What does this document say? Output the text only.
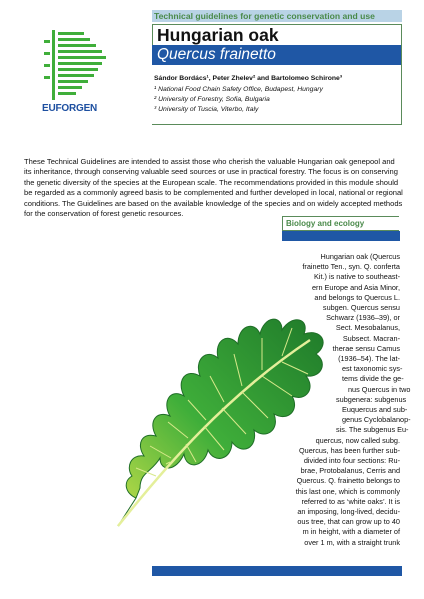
Technical guidelines for genetic conservation and use
EUFORGEN
Hungarian oak
Quercus frainetto
Sándor Bordács¹, Peter Zhelev² and Bartolomeo Schirone³
¹ National Food Chain Safety Office, Budapest, Hungary
² University of Forestry, Sofia, Bulgaria
³ University of Tuscia, Viterbo, Italy

These Technical Guidelines are intended to assist those who cherish the valuable Hungarian oak genepool and its inheritance, through conserving valuable seed sources or use in practical forestry. The focus is on conserving the genetic diversity of the species at the European scale. The recommendations provided in this module should be regarded as a commonly agreed basis to be complemented and further developed in local, national or regional conditions. The Guidelines are based on the available knowledge of the species and on widely accepted methods for the conservation of forest genetic resources.

Biology and ecology
Hungarian oak (Quercus
frainetto Ten., syn. Q. conferta
Kit.) is native to southeast-
ern Europe and Asia Minor,
and belongs to Quercus L.
subgen. Quercus sensu
Schwarz (1936–39), or
Sect. Mesobalanus,
Subsect. Macran-
therae sensu Camus
(1936–54). The lat-
est taxonomic sys-
tems divide the ge-
nus Quercus in two
subgenera: subgenus
Euquercus and sub-
genus Cyclobalanop-
sis. The subgenus Eu-
quercus, now called subg.
Quercus, has been further sub-
divided into four sections: Ru-
brae, Protobalanus, Cerris and
Quercus. Q. frainetto belongs to
this last one, which is commonly
referred to as ‘white oaks’. It is
an imposing, long-lived, decidu-
ous tree, that can grow up to 40
m in height, with a diameter of
over 1 m, with a straight trunk
